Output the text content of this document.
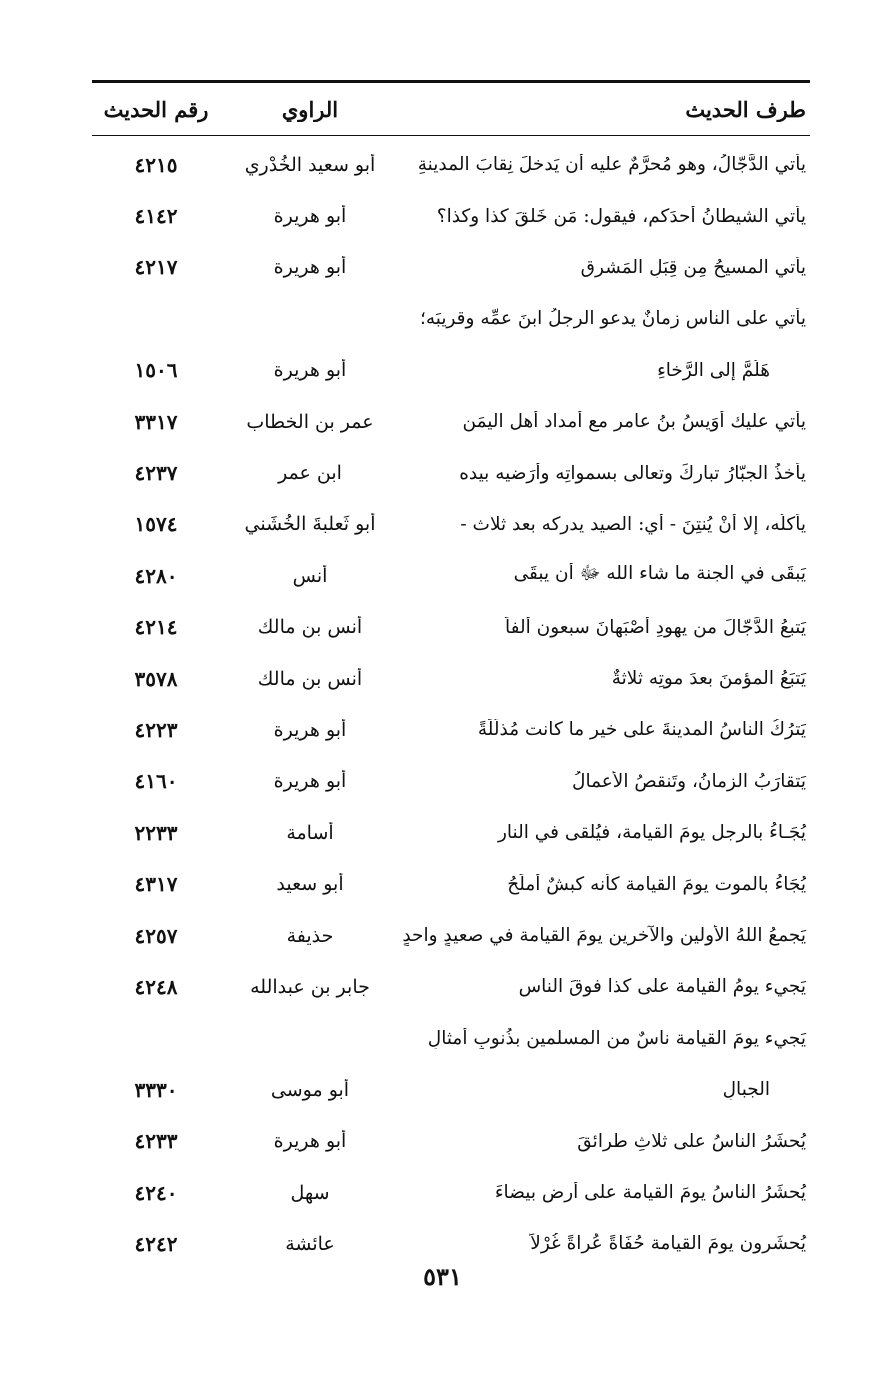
طرف الحديث
الراوي
رقم الحديث
يأتي الدَّجّالُ، وهو مُحرَّمٌ عليه أن يَدخلَ نِقابَ المدينةِ
أبو سعيد الخُدْري
٤٢١٥
يأتي الشيطانُ أحدَكم، فيقول: مَن خَلقَ كذا وكذا؟
أبو هريرة
٤١٤٢
يأتي المسيحُ مِن قِبَلِ المَشرقِ
أبو هريرة
٤٢١٧
يأتي على الناس زمانٌ يدعو الرجلُ ابنَ عمِّه وقريبَه؛
هَلُمَّ إلى الرَّخاءِ
أبو هريرة
١٥٠٦
يأتي عليك أُوَيسُ بنُ عامرٍ مع أمداد أهل اليمَن
عمر بن الخطاب
٣٣١٧
يأخذُ الجبّارُ تباركَ وتعالى بسمواتِه وأرَضيه بيده
ابن عمر
٤٢٣٧
يأكلُه، إلا أنْ يُنتِنَ - أي: الصيد يدركه بعد ثلاث -
أبو ثَعلبةَ الخُشَني
١٥٧٤
يَبقَى في الجنة ما شاء الله ﷻ أن يبقَى
أنس
٤٢٨٠
يَتبعُ الدَّجّالَ من يهودِ أَصْبَهانَ سبعون ألفاً
أنس بن مالك
٤٢١٤
يَتبَعُ المؤمنَ بعدَ موتِه ثلاثةٌ
أنس بن مالك
٣٥٧٨
يَترُكُ الناسُ المدينةَ على خيرِ ما كانت مُذلَّلَةً
أبو هريرة
٤٢٢٣
يَتقارَبُ الزمانُ، وتَنقصُ الأعمالُ
أبو هريرة
٤١٦٠
يُجَـاءُ بالرجل يومَ القيامة، فيُلقى في النار
أسامة
٢٢٣٣
يُجَاءُ بالموت يومَ القيامة كأنه كبشٌ أملَحُ
أبو سعيد
٤٣١٧
يَجمعُ اللهُ الأولين والآخرين يومَ القيامة في صعيدٍ واحدٍ
حذيفة
٤٢٥٧
يَجيء يومُ القيامة على كذا فوقَ الناس
جابر بن عبدالله
٤٢٤٨
يَجيء يومَ القيامة ناسٌ من المسلمين بذُنوبٍ أمثالِ
الجبالِ
أبو موسى
٣٣٣٠
يُحشَرُ الناسُ على ثلاثِ طرائقَ
أبو هريرة
٤٢٣٣
يُحشَرُ الناسُ يومَ القيامة على أرضٍ بيضاءَ
سهل
٤٢٤٠
يُحشَرون يومَ القيامة حُفَاةً عُراةً غُرْلاً
عائشة
٤٢٤٢
٥٣١
